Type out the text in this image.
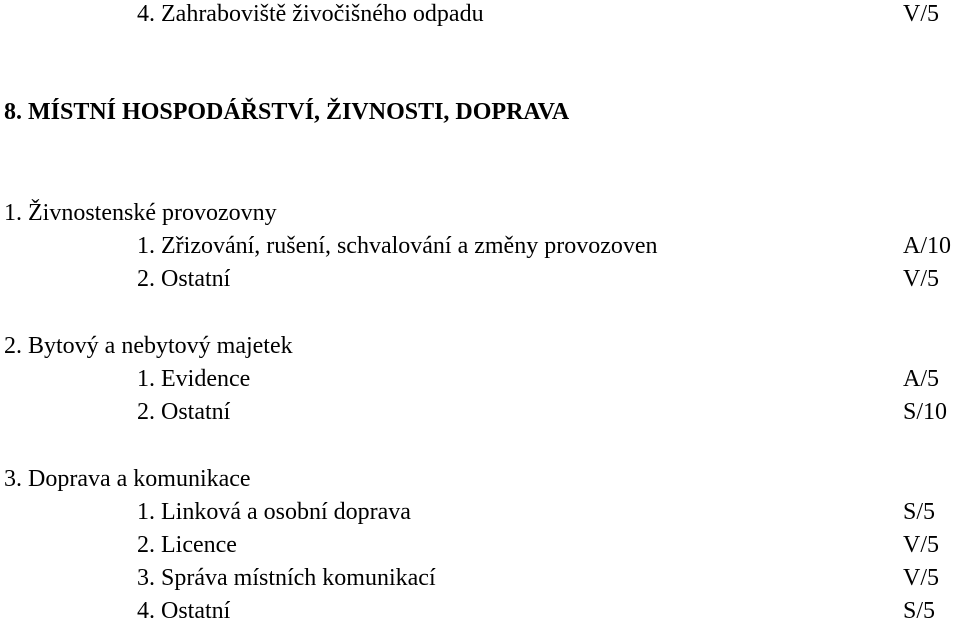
4. Zahraboviště živočišného odpadu	V/5
8. MÍSTNÍ HOSPODÁŘSTVÍ, ŽIVNOSTI, DOPRAVA
1. Živnostenské provozovny
1. Zřizování, rušení, schvalování a změny provozoven	A/10
2. Ostatní	V/5
2. Bytový a nebytový majetek
1. Evidence	A/5
2. Ostatní	S/10
3. Doprava a komunikace
1. Linková a osobní doprava	S/5
2. Licence	V/5
3. Správa místních komunikací	V/5
4. Ostatní	S/5
